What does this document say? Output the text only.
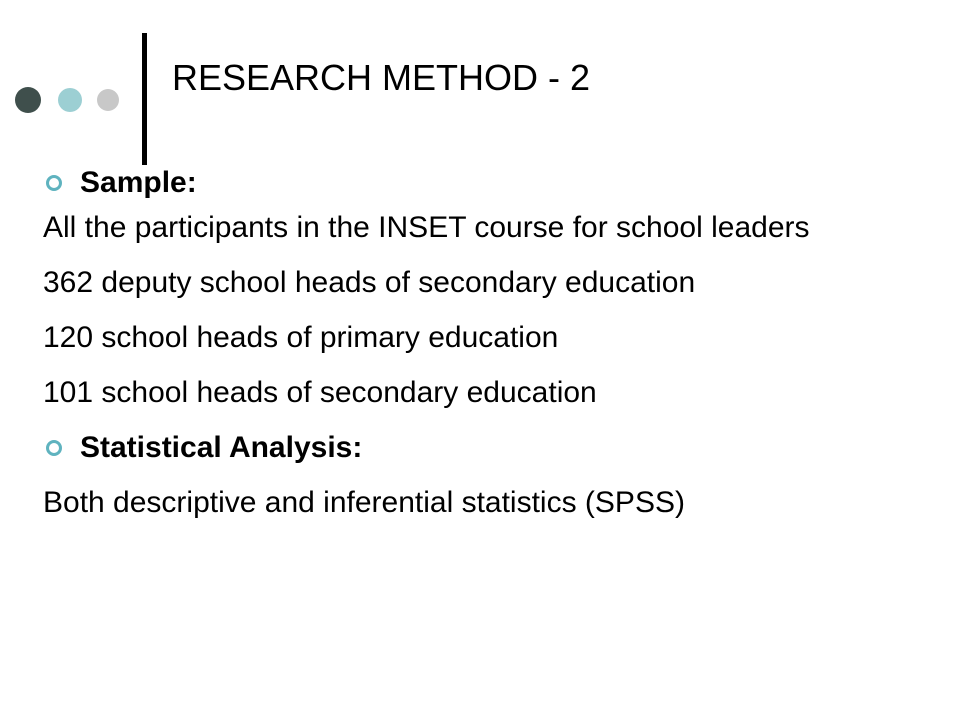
RESEARCH METHOD - 2
Sample:
All the participants in the INSET course for school leaders
362 deputy school heads of secondary education
120 school heads of primary education
101 school heads of secondary education
Statistical Analysis:
Both descriptive and inferential statistics (SPSS)
